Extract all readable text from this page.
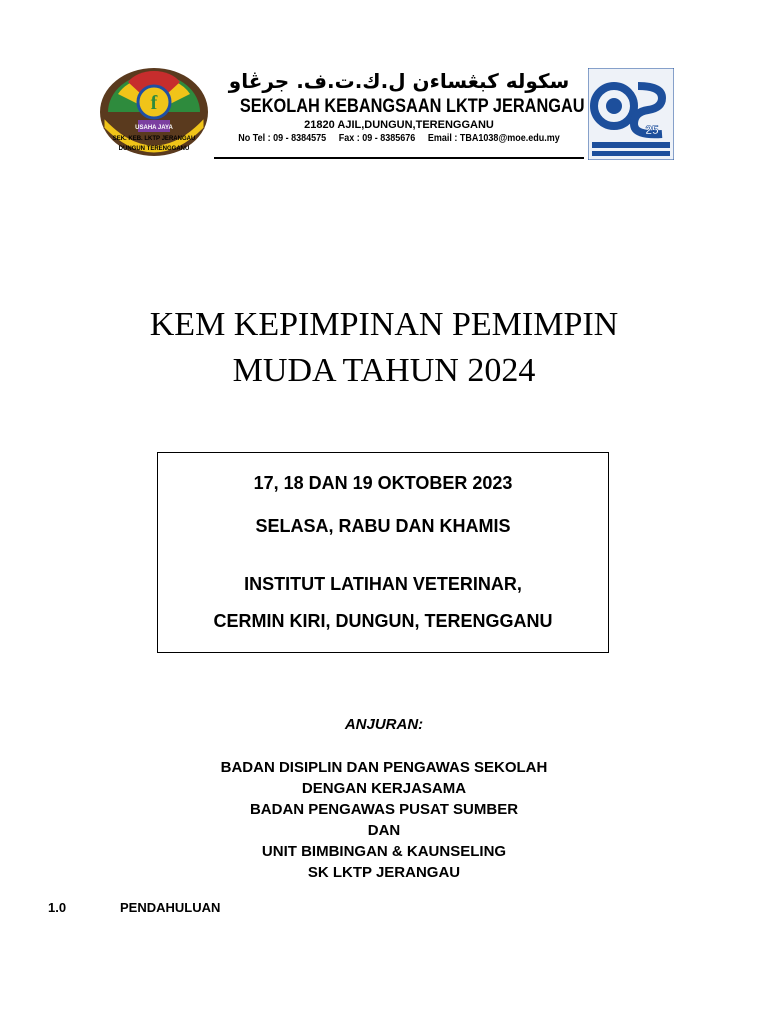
f
USAHA JAYA
DUNGUN TERENGGANU
SEK. KEB. LKTP JERANGAU
سکوله کبڠساءن ل.ك.ت.ف. جرڠاو
SEKOLAH KEBANGSAAN LKTP JERANGAU
21820 AJIL,DUNGUN,TERENGGANU
No Tel : 09 - 8384575 Fax : 09 - 8385676 Email : TBA1038@moe.edu.my
25
KEM KEPIMPINAN PEMIMPIN
MUDA TAHUN 2024
17, 18 DAN 19 OKTOBER 2023
SELASA, RABU DAN KHAMIS
INSTITUT LATIHAN VETERINAR,
CERMIN KIRI, DUNGUN, TERENGGANU
ANJURAN:
BADAN DISIPLIN DAN PENGAWAS SEKOLAH
DENGAN KERJASAMA
BADAN PENGAWAS PUSAT SUMBER
DAN
UNIT BIMBINGAN & KAUNSELING
SK LKTP JERANGAU
1.0	PENDAHULUAN
